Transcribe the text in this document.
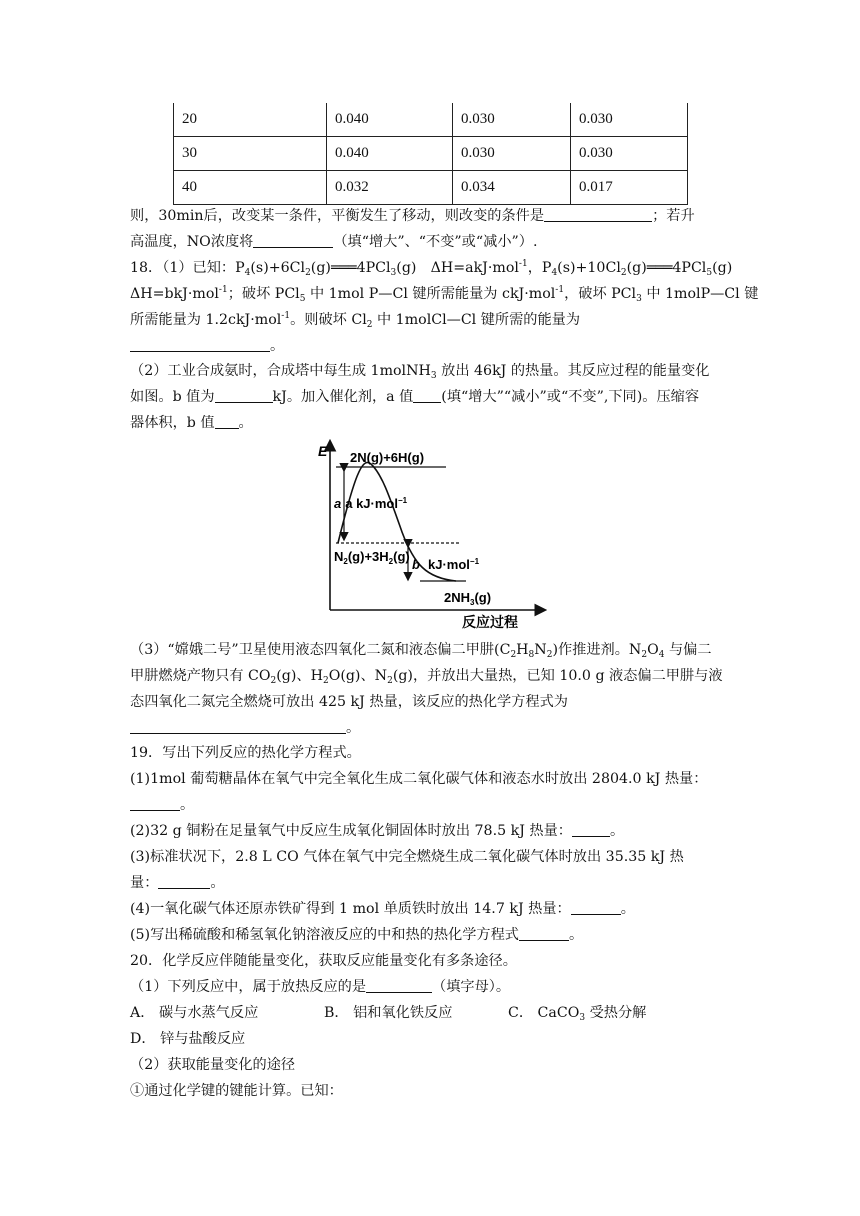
20	0.040	0.030	0.030
30	0.040	0.030	0.030
40	0.032	0.034	0.017
则，30min后，改变某一条件，平衡发生了移动，则改变的条件是	；若升
高温度，NO浓度将	（填“增大”、“不变”或“减小”）.
18．（1）已知：$P_4(s)+6Cl_2(g)═══4PCl_3(g)$　ΔH=akJ·mol$^{-1}$，$P_4(s)+10Cl_2(g)═══4PCl_5(g)$
ΔH=bkJ·mol$^{-1}$；破坏 PCl$_5$ 中 1mol P—Cl 键所需能量为 ckJ·mol$^{-1}$，破坏 PCl$_3$ 中 1molP—Cl 键
所需能量为 1.2ckJ·mol$^{-1}$。则破坏 $Cl_2$ 中 1molCl—Cl 键所需的能量为
。
（2）工业合成氨时，合成塔中每生成 1molNH$_3$ 放出 46kJ 的热量。其反应过程的能量变化
如图。b 值为	kJ。加入催化剂，a 值 (填“增大”“减小”或“不变”,下同)。压缩容
器体积，b 值 。
E
反应过程
2N(g)+6H(g)
a a kJ·mol$^{-1}$
$N_2(g)+3H_2(g)$
b kJ·mol$^{-1}$
$2NH_3(g)$
（3）“嫦娥二号”卫星使用液态四氧化二氮和液态偏二甲肼$(C_2H_8N_2)$作推进剂。$N_2O_4$ 与偏二
甲肼燃烧产物只有 $CO_2(g)$、$H_2O(g)$、$N_2(g)$，并放出大量热，已知 10.0 g 液态偏二甲肼与液
态四氧化二氮完全燃烧可放出 425 kJ 热量，该反应的热化学方程式为
。
19．写出下列反应的热化学方程式。
(1)1mol 葡萄糖晶体在氧气中完全氧化生成二氧化碳气体和液态水时放出 2804.0 kJ 热量：
。
(2)32 g 铜粉在足量氧气中反应生成氧化铜固体时放出 78.5 kJ 热量：	。
(3)标准状况下，2.8 L CO 气体在氧气中完全燃烧生成二氧化碳气体时放出 35.35 kJ 热
量：	。
(4)一氧化碳气体还原赤铁矿得到 1 mol 单质铁时放出 14.7 kJ 热量：	。
(5)写出稀硫酸和稀氢氧化钠溶液反应的中和热的热化学方程式	。
20．化学反应伴随能量变化，获取反应能量变化有多条途径。
（1）下列反应中，属于放热反应的是	（填字母）。
A． 碳与水蒸气反应	B． 铝和氧化铁反应	C． CaCO$_3$ 受热分解
D． 锌与盐酸反应
（2）获取能量变化的途径
①通过化学键的键能计算。已知：
